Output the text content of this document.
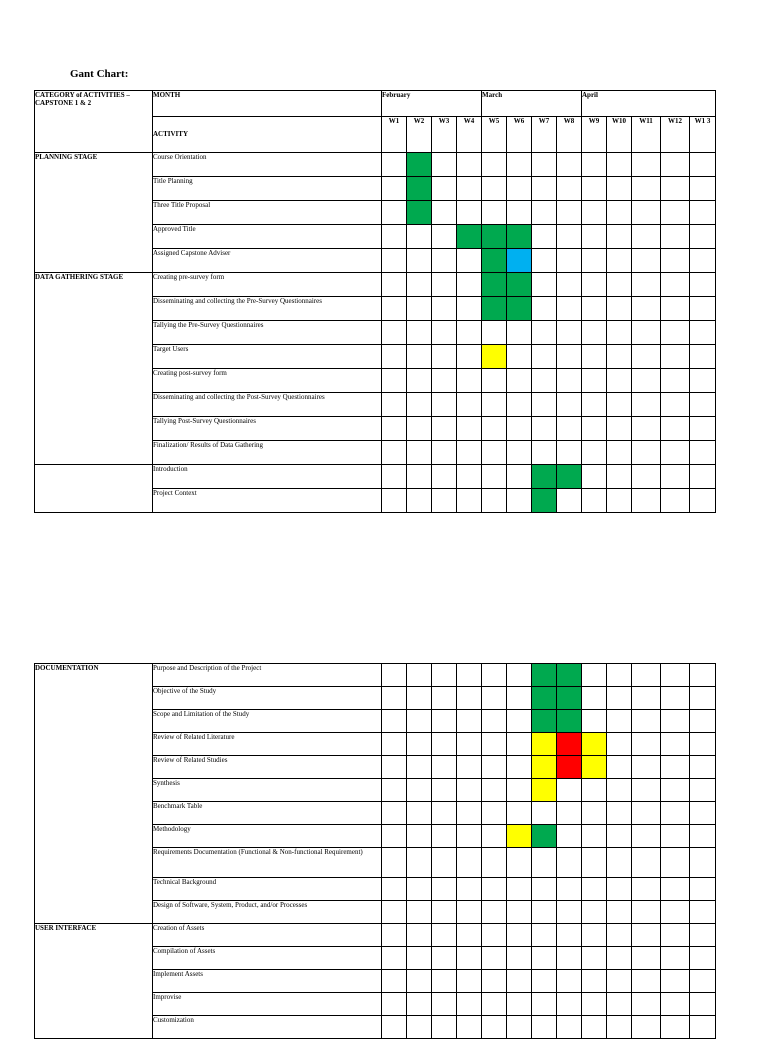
Gant Chart:
CATEGORY of ACTIVITIES – CAPSTONE 1 & 2	MONTH	February				March				April				
	ACTIVITY	W1	W2	W3	W4	W5	W6	W7	W8	W9	W10	W11	W12	W1 3
PLANNING STAGE	Course Orientation													
	Title Planning													
	Three Title Proposal													
	Approved Title													
	Assigned Capstone Adviser													
DATA GATHERING STAGE	Creating pre-survey form													
	Disseminating and collecting the Pre-Survey Questionnaires													
	Tallying the Pre-Survey Questionnaires													
	Target Users													
	Creating post-survey form													
	Disseminating and collecting the Post-Survey Questionnaires													
	Tallying Post-Survey Questionnaires													
	Finalization/ Results of Data Gathering													
	Introduction													
	Project Context													
DOCUMENTATION	Purpose and Description of the Project													
	Objective of the Study													
	Scope and Limitation of the Study													
	Review of Related Literature													
	Review of Related Studies													
	Synthesis													
	Benchmark Table													
	Methodology													
	Requirements Documentation (Functional & Non-functional Requirement)													
	Technical Background													
	Design of Software, System, Product, and/or Processes													
USER INTERFACE	Creation of Assets													
	Compilation of Assets													
	Implement Assets													
	Improvise													
	Customization													
